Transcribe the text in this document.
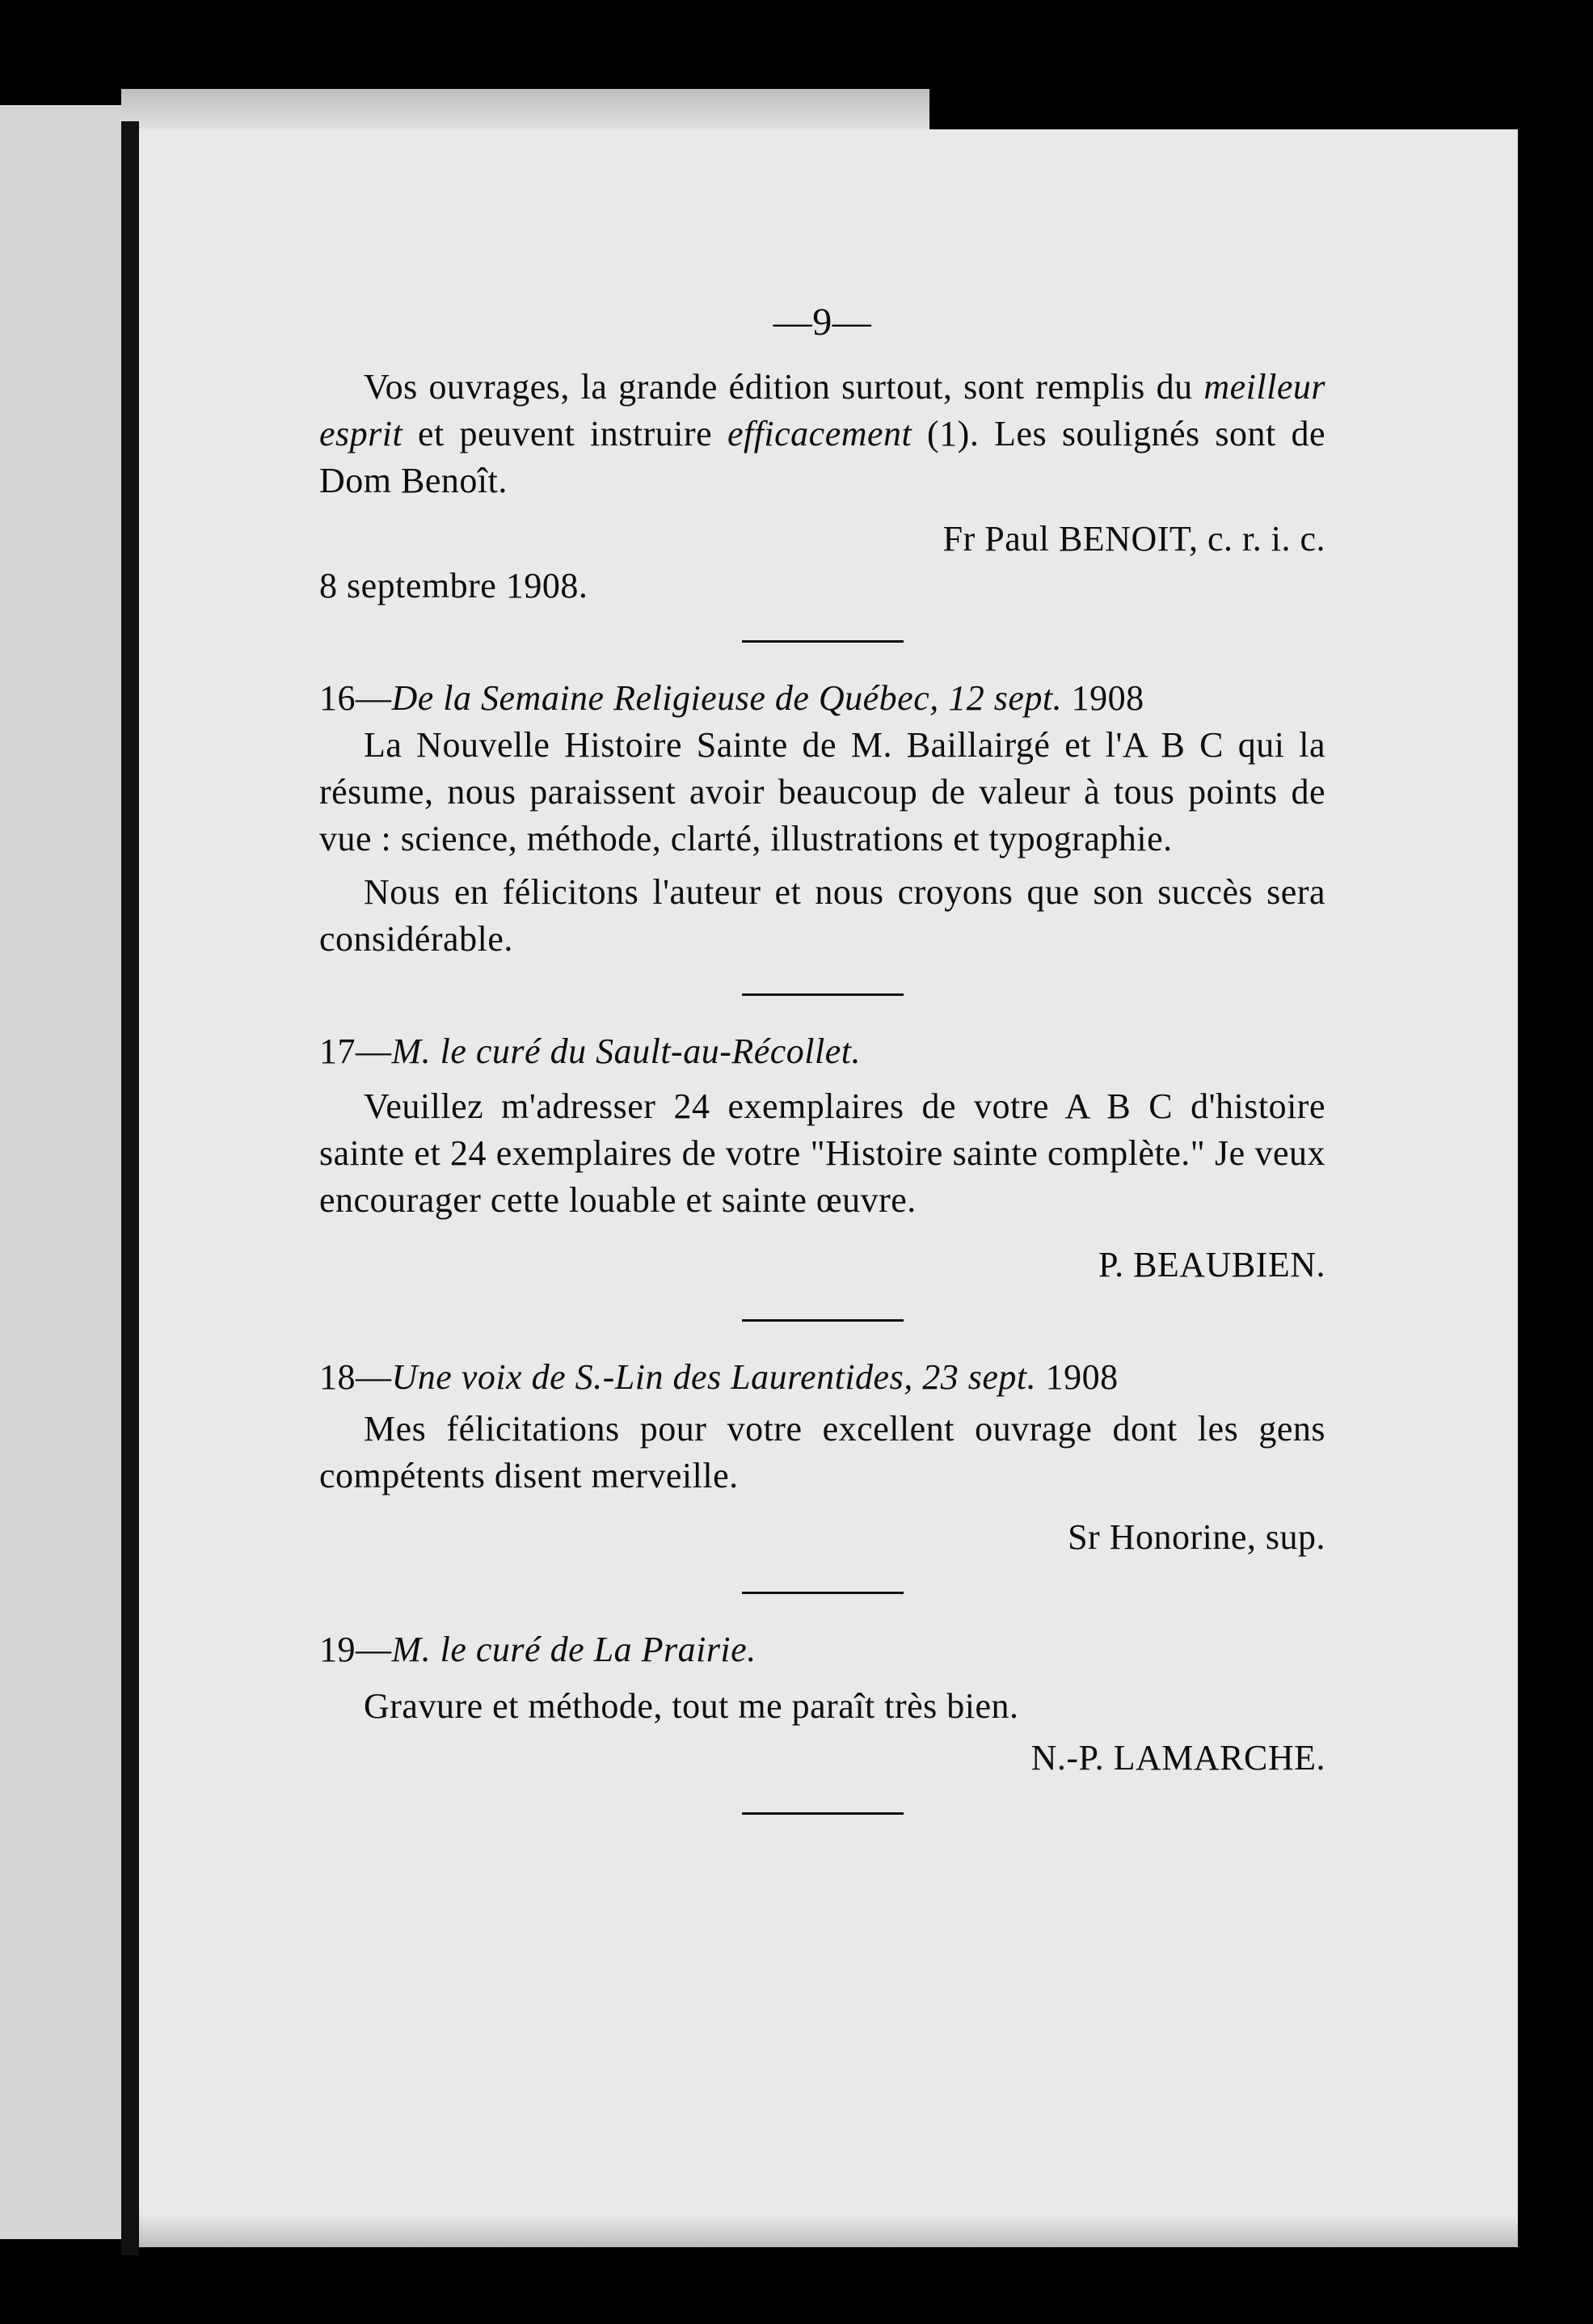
—9—

Vos ouvrages, la grande édition surtout, sont remplis du meilleur esprit et peuvent instruire efficacement (1). Les soulignés sont de Dom Benoît.

Fr Paul BENOIT, c. r. i. c.

8 septembre 1908.

16—De la Semaine Religieuse de Québec, 12 sept. 1908

La Nouvelle Histoire Sainte de M. Baillairgé et l'A B C qui la résume, nous paraissent avoir beaucoup de valeur à tous points de vue : science, méthode, clarté, illustrations et typographie.

Nous en félicitons l'auteur et nous croyons que son succès sera considérable.

17—M. le curé du Sault-au-Récollet.

Veuillez m'adresser 24 exemplaires de votre A B C d'histoire sainte et 24 exemplaires de votre "Histoire sainte complète." Je veux encourager cette louable et sainte œuvre.

P. BEAUBIEN.

18—Une voix de S.-Lin des Laurentides, 23 sept. 1908

Mes félicitations pour votre excellent ouvrage dont les gens compétents disent merveille.

Sr Honorine, sup.

19—M. le curé de La Prairie.

Gravure et méthode, tout me paraît très bien.

N.-P. LAMARCHE.
